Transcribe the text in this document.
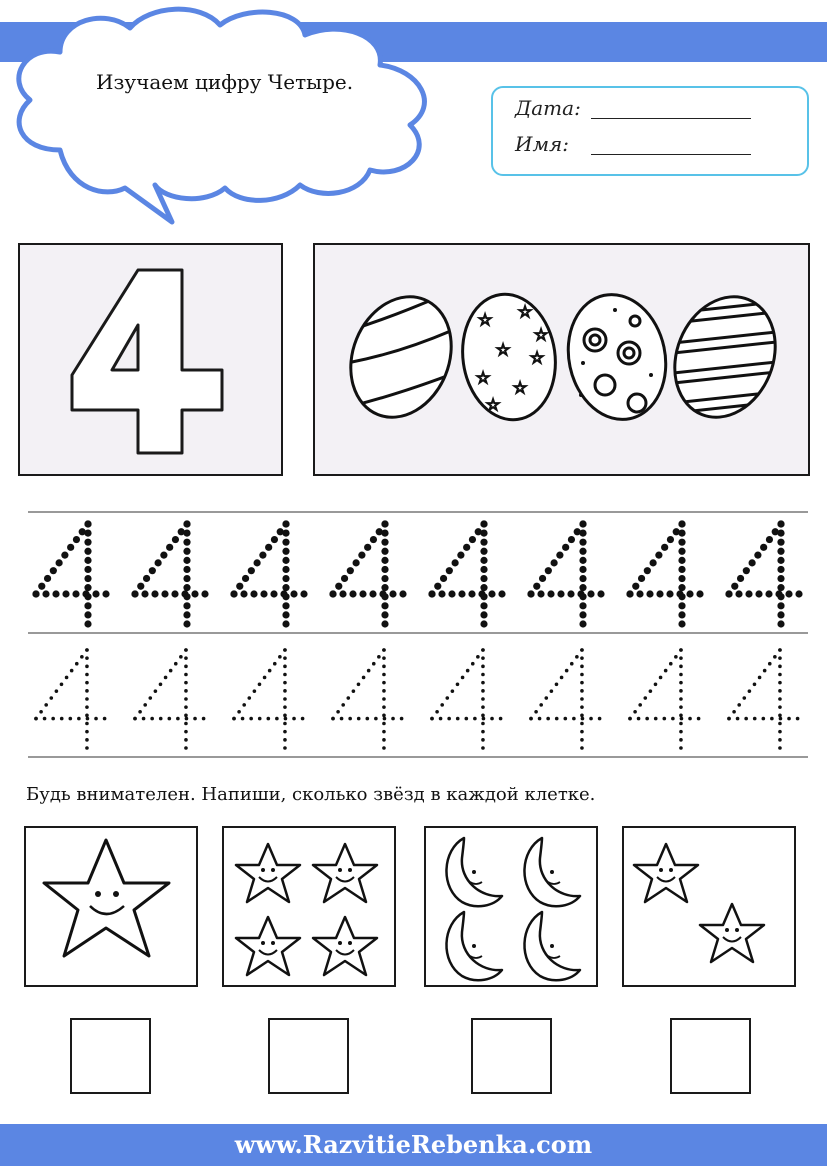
Изучаем цифру Четыре.
Дата:
Имя:
☆ ☆
☆ ☆
☆
☆
☆
☆
Будь внимателен. Напиши, сколько звёзд в каждой клетке.
www.RazvitieRebenka.com
